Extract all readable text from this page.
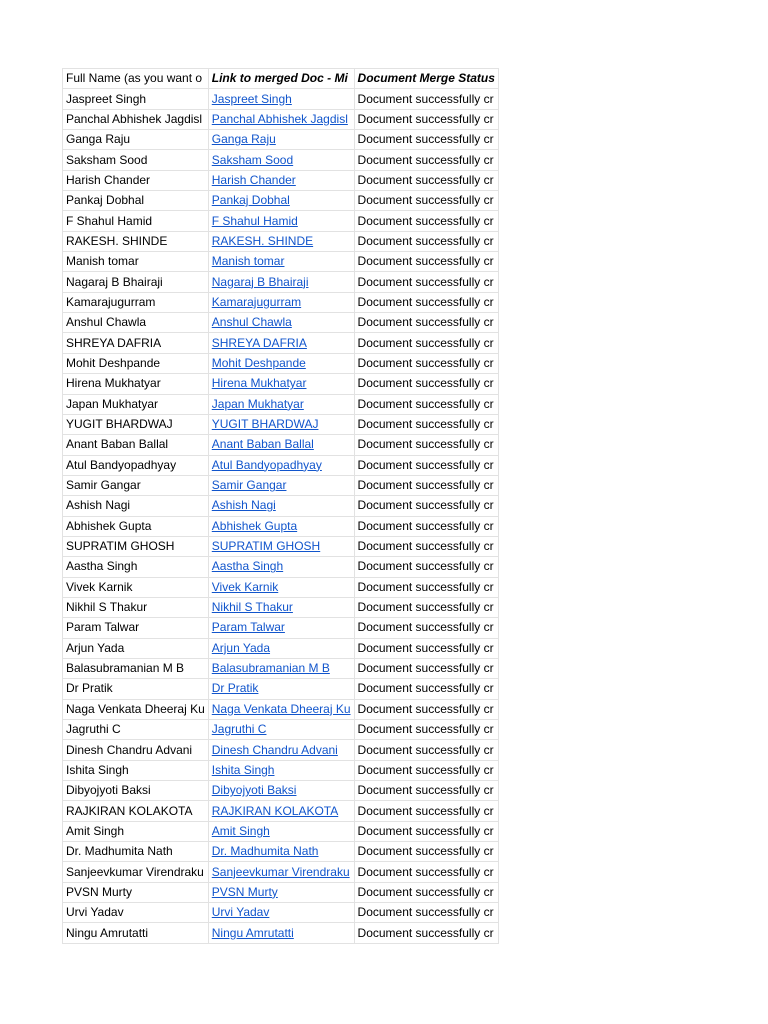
Full Name (as you want o	Link to merged Doc - Mi	Document Merge Status
Jaspreet Singh	Jaspreet Singh	Document successfully cr
Panchal Abhishek Jagdisl	Panchal Abhishek Jagdisl	Document successfully cr
Ganga Raju	Ganga Raju	Document successfully cr
Saksham Sood	Saksham Sood	Document successfully cr
Harish Chander	Harish Chander	Document successfully cr
Pankaj Dobhal	Pankaj Dobhal	Document successfully cr
F Shahul Hamid	F Shahul Hamid	Document successfully cr
RAKESH. SHINDE	RAKESH. SHINDE	Document successfully cr
Manish tomar	Manish tomar	Document successfully cr
Nagaraj B Bhairaji	Nagaraj B Bhairaji	Document successfully cr
Kamarajugurram	Kamarajugurram	Document successfully cr
Anshul Chawla	Anshul Chawla	Document successfully cr
SHREYA DAFRIA	SHREYA DAFRIA	Document successfully cr
Mohit Deshpande	Mohit Deshpande	Document successfully cr
Hirena Mukhatyar	Hirena Mukhatyar	Document successfully cr
Japan Mukhatyar	Japan Mukhatyar	Document successfully cr
YUGIT BHARDWAJ	YUGIT BHARDWAJ	Document successfully cr
Anant Baban Ballal	Anant Baban Ballal	Document successfully cr
Atul Bandyopadhyay	Atul Bandyopadhyay	Document successfully cr
Samir Gangar	Samir Gangar	Document successfully cr
Ashish Nagi	Ashish Nagi	Document successfully cr
Abhishek Gupta	Abhishek Gupta	Document successfully cr
SUPRATIM GHOSH	SUPRATIM GHOSH	Document successfully cr
Aastha Singh	Aastha Singh	Document successfully cr
Vivek Karnik	Vivek Karnik	Document successfully cr
Nikhil S Thakur	Nikhil S Thakur	Document successfully cr
Param Talwar	Param Talwar	Document successfully cr
Arjun Yada	Arjun Yada	Document successfully cr
Balasubramanian M B	Balasubramanian M B	Document successfully cr
Dr Pratik	Dr Pratik	Document successfully cr
Naga Venkata Dheeraj Ku	Naga Venkata Dheeraj Ku	Document successfully cr
Jagruthi C	Jagruthi C	Document successfully cr
Dinesh Chandru Advani	Dinesh Chandru Advani	Document successfully cr
Ishita Singh	Ishita Singh	Document successfully cr
Dibyojyoti Baksi	Dibyojyoti Baksi	Document successfully cr
RAJKIRAN KOLAKOTA	RAJKIRAN KOLAKOTA	Document successfully cr
Amit Singh	Amit Singh	Document successfully cr
Dr. Madhumita Nath	Dr. Madhumita Nath	Document successfully cr
Sanjeevkumar Virendraku	Sanjeevkumar Virendraku	Document successfully cr
PVSN Murty	PVSN Murty	Document successfully cr
Urvi Yadav	Urvi Yadav	Document successfully cr
Ningu Amrutatti	Ningu Amrutatti	Document successfully cr
